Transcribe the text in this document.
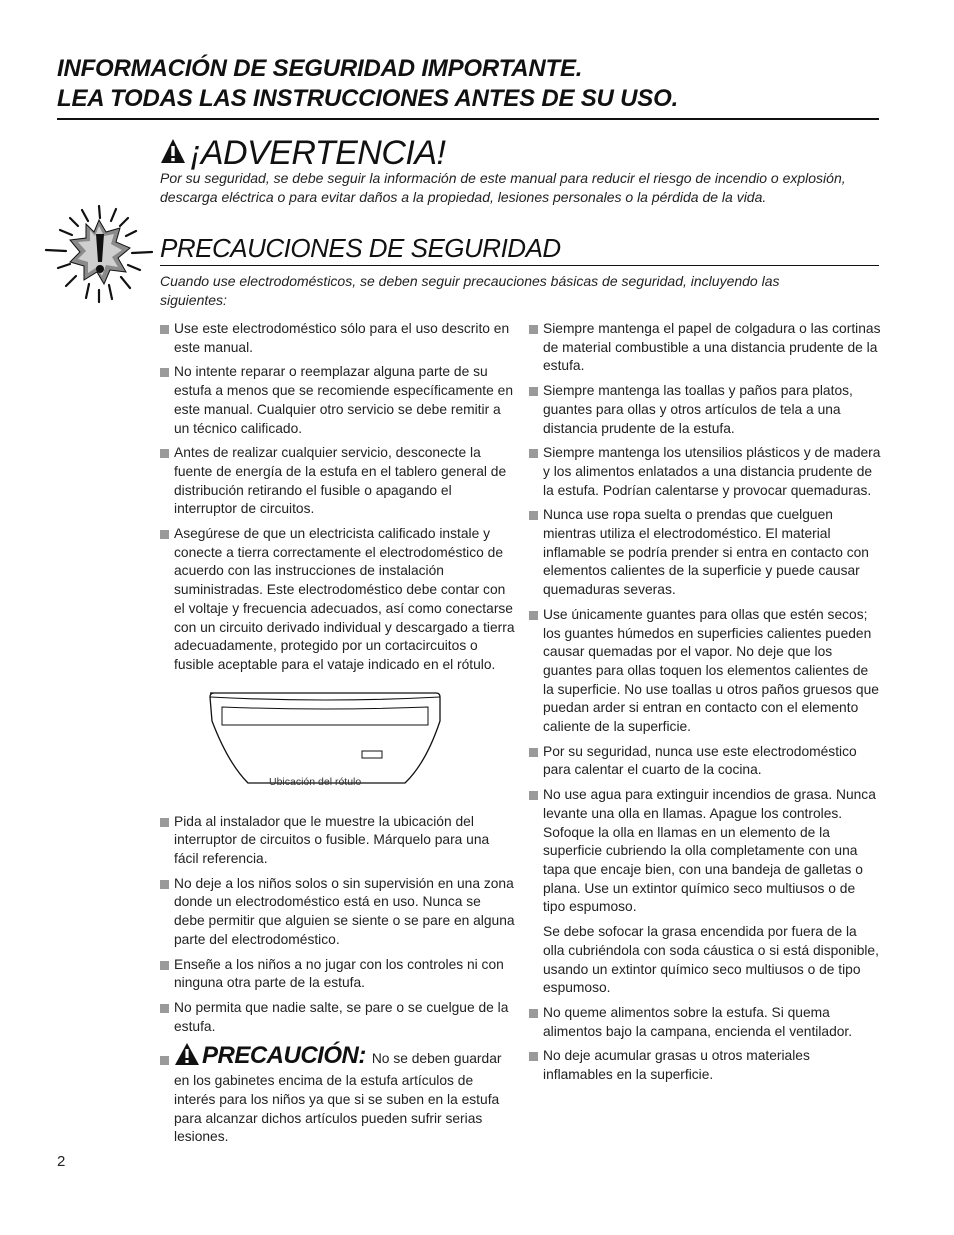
INFORMACIÓN DE SEGURIDAD IMPORTANTE.
LEA TODAS LAS INSTRUCCIONES ANTES DE SU USO.
¡ADVERTENCIA!
Por su seguridad, se debe seguir la información de este manual para reducir el riesgo de incendio o explosión, descarga eléctrica o para evitar daños a la propiedad, lesiones personales o la pérdida de la vida.
PRECAUCIONES DE SEGURIDAD
Cuando use electrodomésticos, se deben seguir precauciones básicas de seguridad, incluyendo las siguientes:
Use este electrodoméstico sólo para el uso descrito en este manual.
No intente reparar o reemplazar alguna parte de su estufa a menos que se recomiende específicamente en este manual. Cualquier otro servicio se debe remitir a un técnico calificado.
Antes de realizar cualquier servicio, desconecte la fuente de energía de la estufa en el tablero general de distribución retirando el fusible o apagando el interruptor de circuitos.
Asegúrese de que un electricista calificado instale y conecte a tierra correctamente el electrodoméstico de acuerdo con las instrucciones de instalación suministradas. Este electrodoméstico debe contar con el voltaje y frecuencia adecuados, así como conectarse con un circuito derivado individual y descargado a tierra adecuadamente, protegido por un cortacircuitos o fusible aceptable para el vataje indicado en el rótulo.
Ubicación del rótulo
Pida al instalador que le muestre la ubicación del interruptor de circuitos o fusible. Márquelo para una fácil referencia.
No deje a los niños solos o sin supervisión en una zona donde un electrodoméstico está en uso. Nunca se debe permitir que alguien se siente o se pare en alguna parte del electrodoméstico.
Enseñe a los niños a no jugar con los controles ni con ninguna otra parte de la estufa.
No permita que nadie salte, se pare o se cuelgue de la estufa.
PRECAUCIÓN: No se deben guardar en los gabinetes encima de la estufa artículos de interés para los niños ya que si se suben en la estufa para alcanzar dichos artículos pueden sufrir serias lesiones.
Siempre mantenga el papel de colgadura o las cortinas de material combustible a una distancia prudente de la estufa.
Siempre mantenga las toallas y paños para platos, guantes para ollas y otros artículos de tela a una distancia prudente de la estufa.
Siempre mantenga los utensilios plásticos y de madera y los alimentos enlatados a una distancia prudente de la estufa. Podrían calentarse y provocar quemaduras.
Nunca use ropa suelta o prendas que cuelguen mientras utiliza el electrodoméstico. El material inflamable se podría prender si entra en contacto con elementos calientes de la superficie y puede causar quemaduras severas.
Use únicamente guantes para ollas que estén secos; los guantes húmedos en superficies calientes pueden causar quemadas por el vapor. No deje que los guantes para ollas toquen los elementos calientes de la superficie. No use toallas u otros paños gruesos que puedan arder si entran en contacto con el elemento caliente de la superficie.
Por su seguridad, nunca use este electrodoméstico para calentar el cuarto de la cocina.
No use agua para extinguir incendios de grasa. Nunca levante una olla en llamas. Apague los controles. Sofoque la olla en llamas en un elemento de la superficie cubriendo la olla completamente con una tapa que encaje bien, con una bandeja de galletas o plana. Use un extintor químico seco multiusos o de tipo espumoso.
Se debe sofocar la grasa encendida por fuera de la olla cubriéndola con soda cáustica o si está disponible, usando un extintor químico seco multiusos o de tipo espumoso.
No queme alimentos sobre la estufa. Si quema alimentos bajo la campana, encienda el ventilador.
No deje acumular grasas u otros materiales inflamables en la superficie.
2
